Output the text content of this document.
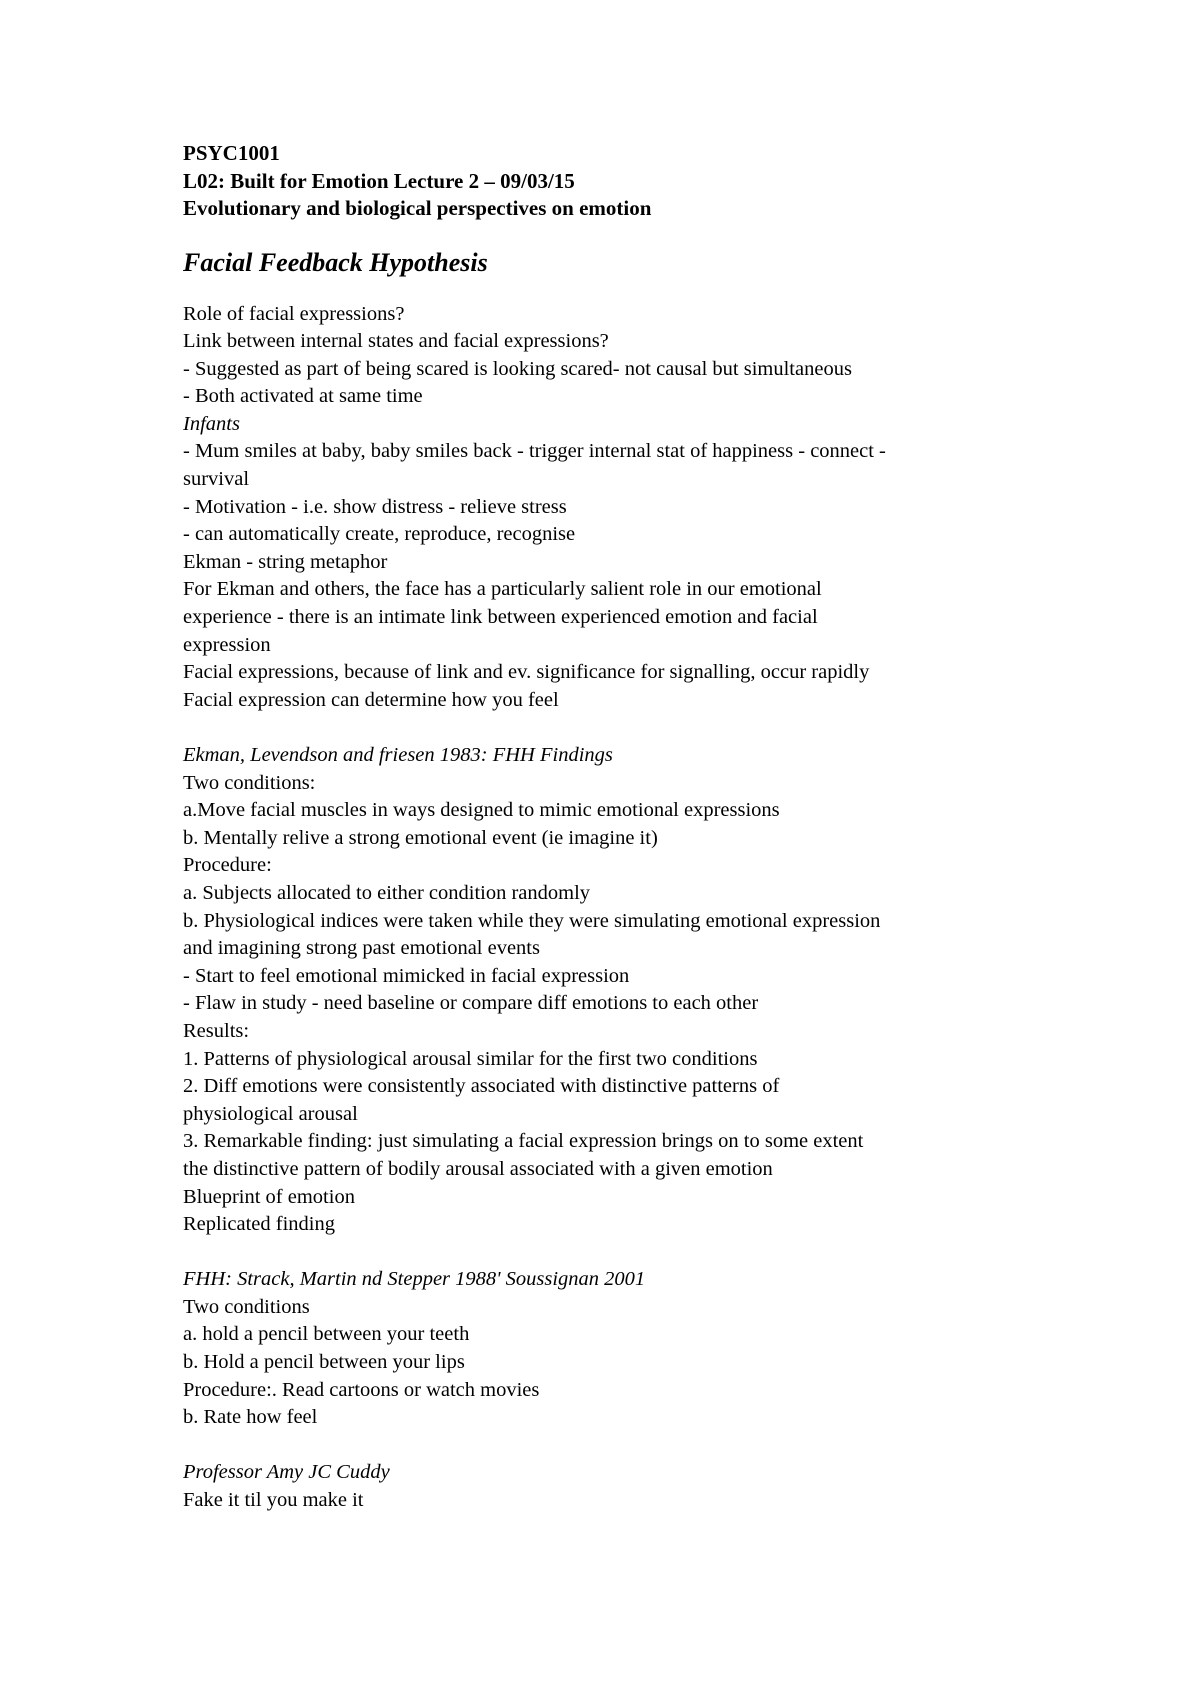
PSYC1001
L02: Built for Emotion Lecture 2 – 09/03/15
Evolutionary and biological perspectives on emotion
Facial Feedback Hypothesis
Role of facial expressions?
Link between internal states and facial expressions?
- Suggested as part of being scared is looking scared- not causal but simultaneous
- Both activated at same time
Infants
- Mum smiles at baby, baby smiles back - trigger internal stat of happiness - connect -
survival
- Motivation - i.e. show distress - relieve stress
- can automatically create, reproduce, recognise
Ekman - string metaphor
For Ekman and others, the face has a particularly salient role in our emotional
experience - there is an intimate link between experienced emotion and facial
expression
Facial expressions, because of link and ev. significance for signalling, occur rapidly
Facial expression can determine how you feel
Ekman, Levendson and friesen 1983: FHH Findings
Two conditions:
a.Move facial muscles in ways designed to mimic emotional expressions
b. Mentally relive a strong emotional event (ie imagine it)
Procedure:
a. Subjects allocated to either condition randomly
b. Physiological indices were taken while they were simulating emotional expression
and imagining strong past emotional events
- Start to feel emotional mimicked in facial expression
- Flaw in study - need baseline or compare diff emotions to each other
Results:
1. Patterns of physiological arousal similar for the first two conditions
2. Diff emotions were consistently associated with distinctive patterns of
physiological arousal
3. Remarkable finding: just simulating a facial expression brings on to some extent
the distinctive pattern of bodily arousal associated with a given emotion
Blueprint of emotion
Replicated finding
FHH: Strack, Martin nd Stepper 1988' Soussignan 2001
Two conditions
a. hold a pencil between your teeth
b. Hold a pencil between your lips
Procedure:. Read cartoons or watch movies
b. Rate how feel
Professor Amy JC Cuddy
Fake it til you make it
